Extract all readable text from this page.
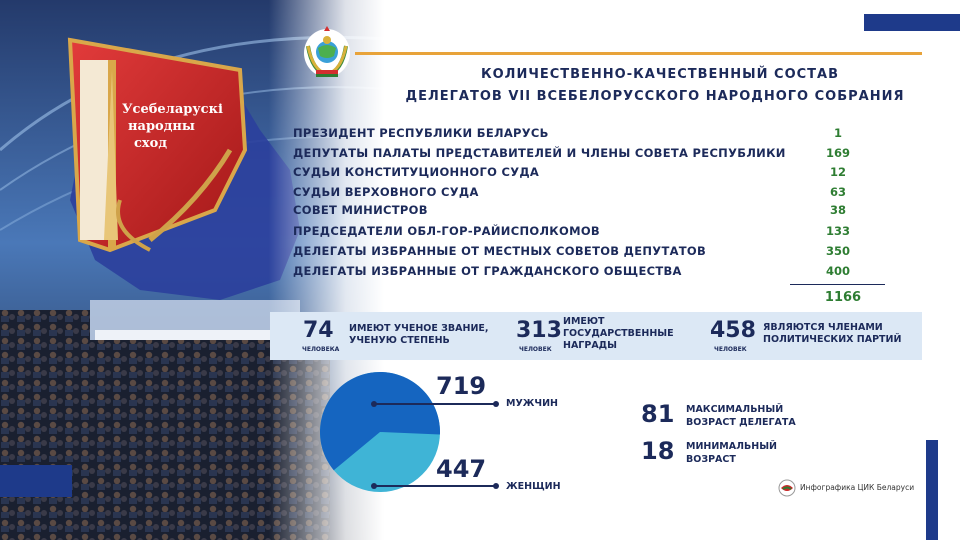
КОЛИЧЕСТВЕННО-КАЧЕСТВЕННЫЙ СОСТАВ
ДЕЛЕГАТОВ VII ВСЕБЕЛОРУССКОГО НАРОДНОГО СОБРАНИЯ
ПРЕЗИДЕНТ РЕСПУБЛИКИ БЕЛАРУСЬ	1
ДЕПУТАТЫ ПАЛАТЫ ПРЕДСТАВИТЕЛЕЙ И ЧЛЕНЫ СОВЕТА РЕСПУБЛИКИ	169
СУДЬИ КОНСТИТУЦИОННОГО СУДА	12
СУДЬИ ВЕРХОВНОГО СУДА	63
СОВЕТ МИНИСТРОВ	38
ПРЕДСЕДАТЕЛИ ОБЛ-ГОР-РАЙИСПОЛКОМОВ	133
ДЕЛЕГАТЫ ИЗБРАННЫЕ ОТ МЕСТНЫХ СОВЕТОВ ДЕПУТАТОВ	350
ДЕЛЕГАТЫ ИЗБРАННЫЕ ОТ ГРАЖДАНСКОГО ОБЩЕСТВА	400
1166
74
ЧЕЛОВЕКА
ИМЕЮТ УЧЕНОЕ ЗВАНИЕ,
УЧЕНУЮ СТЕПЕНЬ	313
ЧЕЛОВЕК
ИМЕЮТ
ГОСУДАРСТВЕННЫЕ
НАГРАДЫ
458
ЧЕЛОВЕК
ЯВЛЯЮТСЯ ЧЛЕНАМИ
ПОЛИТИЧЕСКИХ ПАРТИЙ
719
МУЖЧИН
447
ЖЕНЩИН
81 МАКСИМАЛЬНЫЙ
ВОЗРАСТ ДЕЛЕГАТА
18 МИНИМАЛЬНЫЙ
ВОЗРАСТ
Инфографика ЦИК Беларуси
